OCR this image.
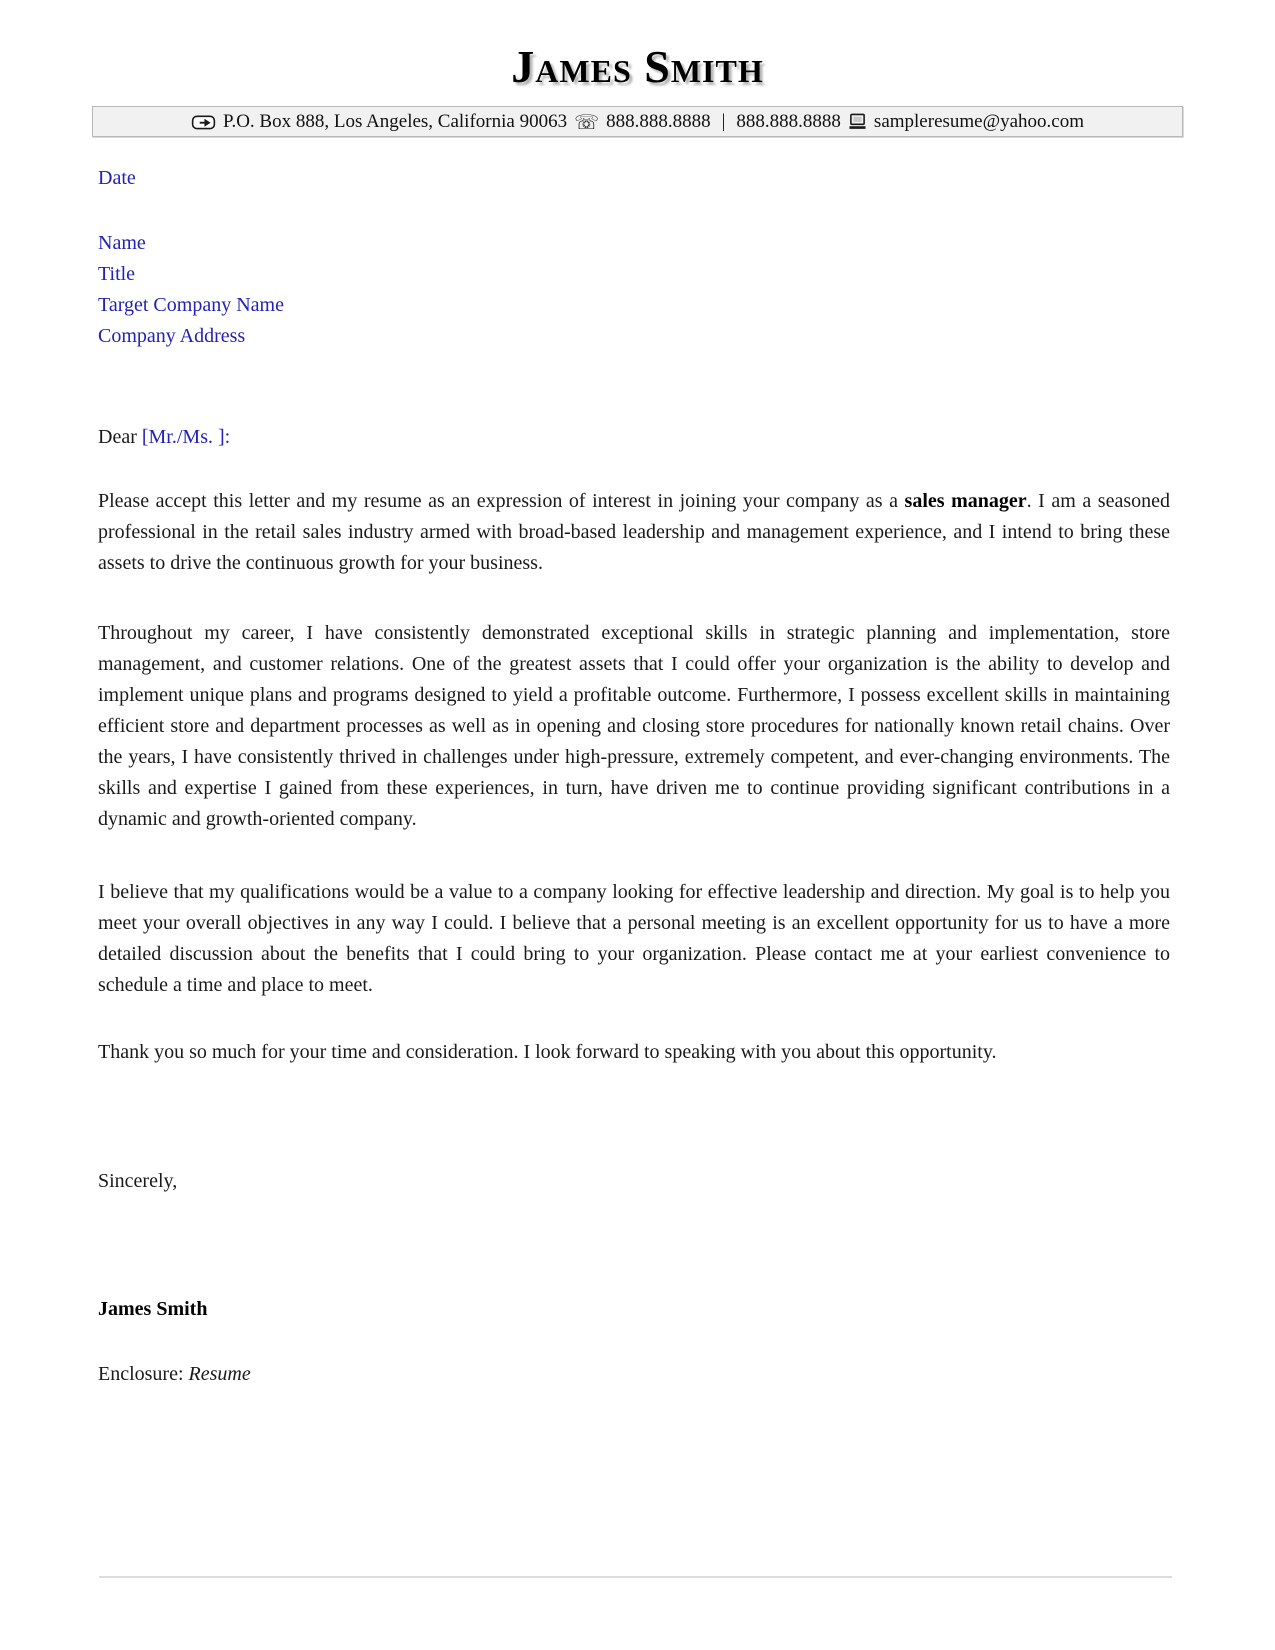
James Smith
P.O. Box 888, Los Angeles, California 90063 ☏ 888.888.8888 | 888.888.8888 sampleresume@yahoo.com

Date

Name

Title

Target Company Name

Company Address

Dear [Mr./Ms. ]:

Please accept this letter and my resume as an expression of interest in joining your company as a sales manager. I am a seasoned professional in the retail sales industry armed with broad-based leadership and management experience, and I intend to bring these assets to drive the continuous growth for your business.

Throughout my career, I have consistently demonstrated exceptional skills in strategic planning and implementation, store management, and customer relations. One of the greatest assets that I could offer your organization is the ability to develop and implement unique plans and programs designed to yield a profitable outcome. Furthermore, I possess excellent skills in maintaining efficient store and department processes as well as in opening and closing store procedures for nationally known retail chains. Over the years, I have consistently thrived in challenges under high-pressure, extremely competent, and ever-changing environments. The skills and expertise I gained from these experiences, in turn, have driven me to continue providing significant contributions in a dynamic and growth-oriented company.

I believe that my qualifications would be a value to a company looking for effective leadership and direction. My goal is to help you meet your overall objectives in any way I could. I believe that a personal meeting is an excellent opportunity for us to have a more detailed discussion about the benefits that I could bring to your organization. Please contact me at your earliest convenience to schedule a time and place to meet.

Thank you so much for your time and consideration. I look forward to speaking with you about this opportunity.

Sincerely,

James Smith

Enclosure: Resume
